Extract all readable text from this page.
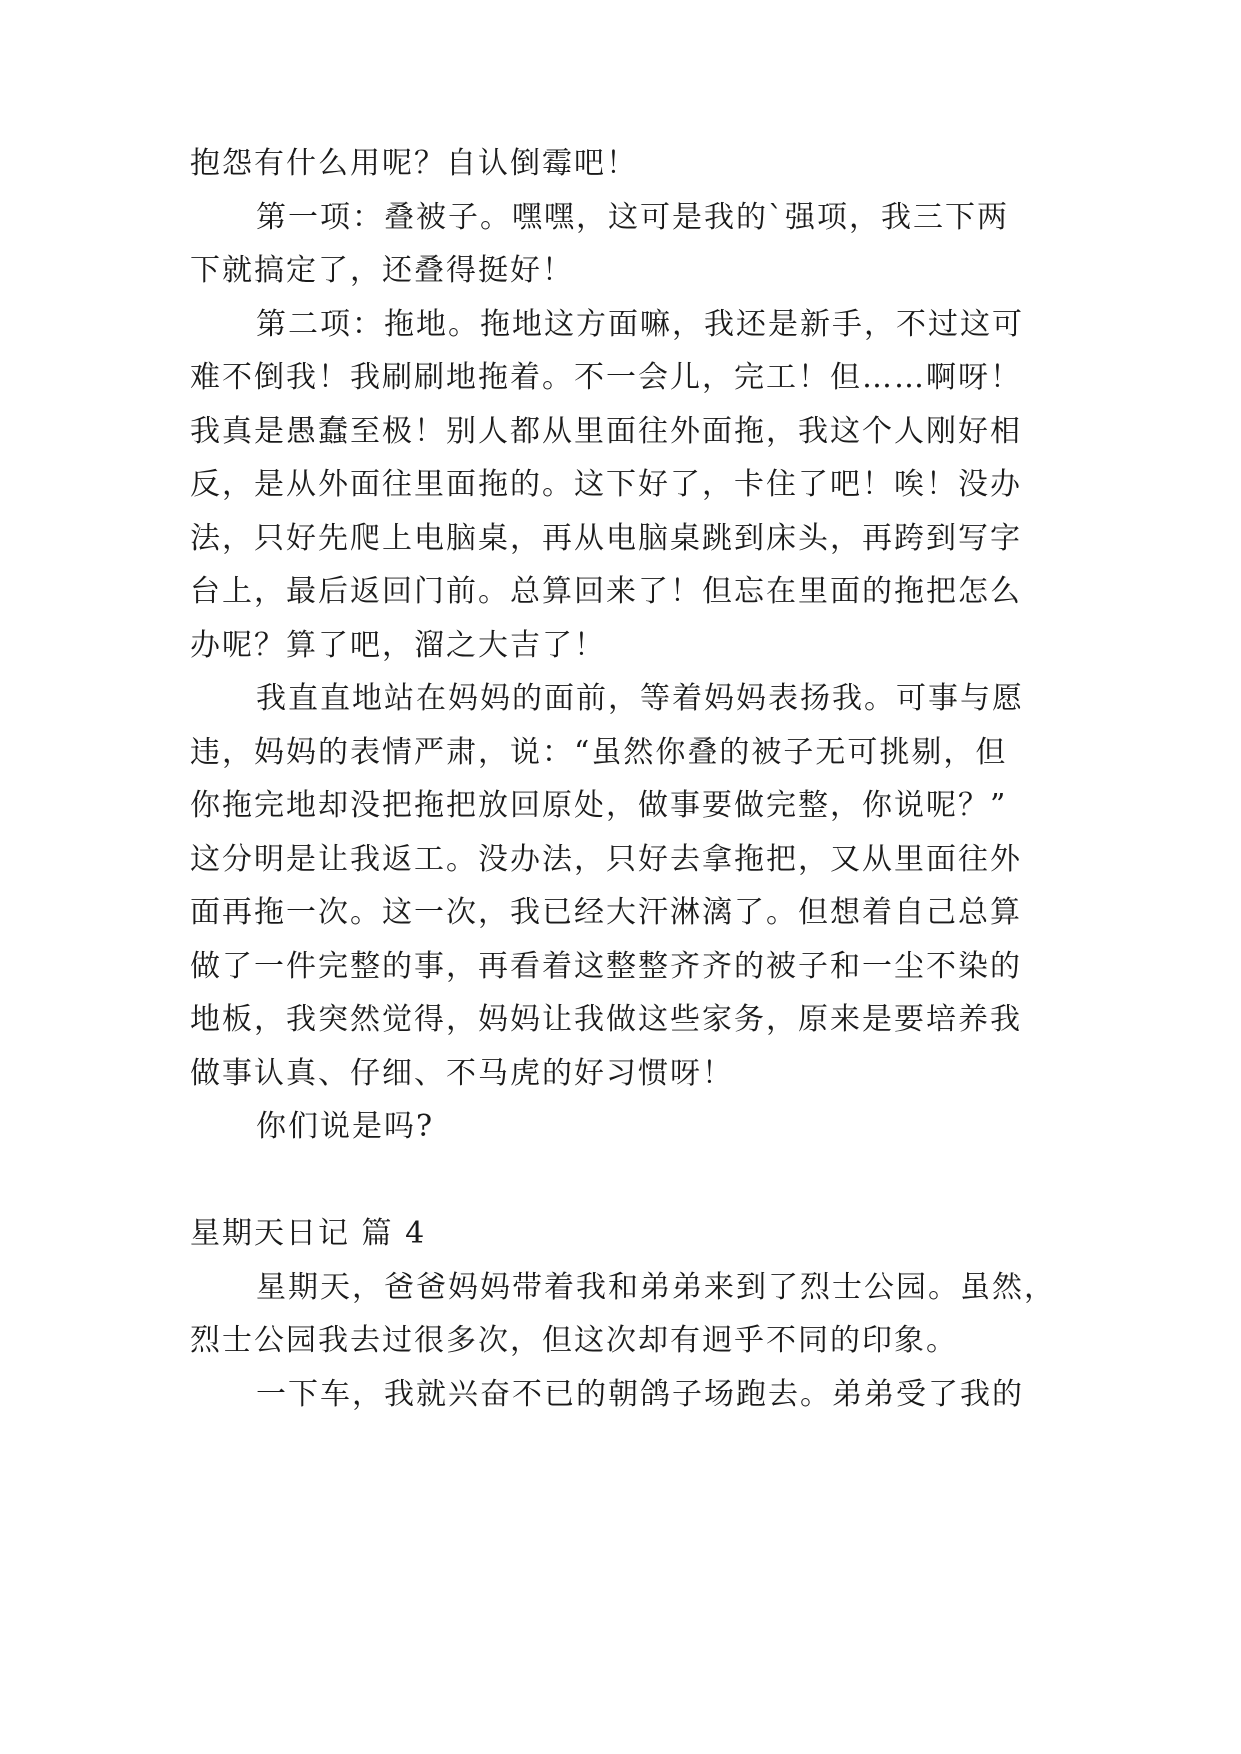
抱怨有什么用呢？自认倒霉吧！
第一项：叠被子。嘿嘿，这可是我的`强项，我三下两
下就搞定了，还叠得挺好！
第二项：拖地。拖地这方面嘛，我还是新手，不过这可
难不倒我！我刷刷地拖着。不一会儿，完工！但……啊呀！
我真是愚蠢至极！别人都从里面往外面拖，我这个人刚好相
反，是从外面往里面拖的。这下好了，卡住了吧！唉！没办
法，只好先爬上电脑桌，再从电脑桌跳到床头，再跨到写字
台上，最后返回门前。总算回来了！但忘在里面的拖把怎么
办呢？算了吧，溜之大吉了！
我直直地站在妈妈的面前，等着妈妈表扬我。可事与愿
违，妈妈的表情严肃，说：“虽然你叠的被子无可挑剔，但
你拖完地却没把拖把放回原处，做事要做完整，你说呢？”
这分明是让我返工。没办法，只好去拿拖把，又从里面往外
面再拖一次。这一次，我已经大汗淋漓了。但想着自己总算
做了一件完整的事，再看着这整整齐齐的被子和一尘不染的
地板，我突然觉得，妈妈让我做这些家务，原来是要培养我
做事认真、仔细、不马虎的好习惯呀！
你们说是吗?
星期天日记 篇 4
星期天，爸爸妈妈带着我和弟弟来到了烈士公园。虽然，
烈士公园我去过很多次，但这次却有迥乎不同的印象。
一下车，我就兴奋不已的朝鸽子场跑去。弟弟受了我的
